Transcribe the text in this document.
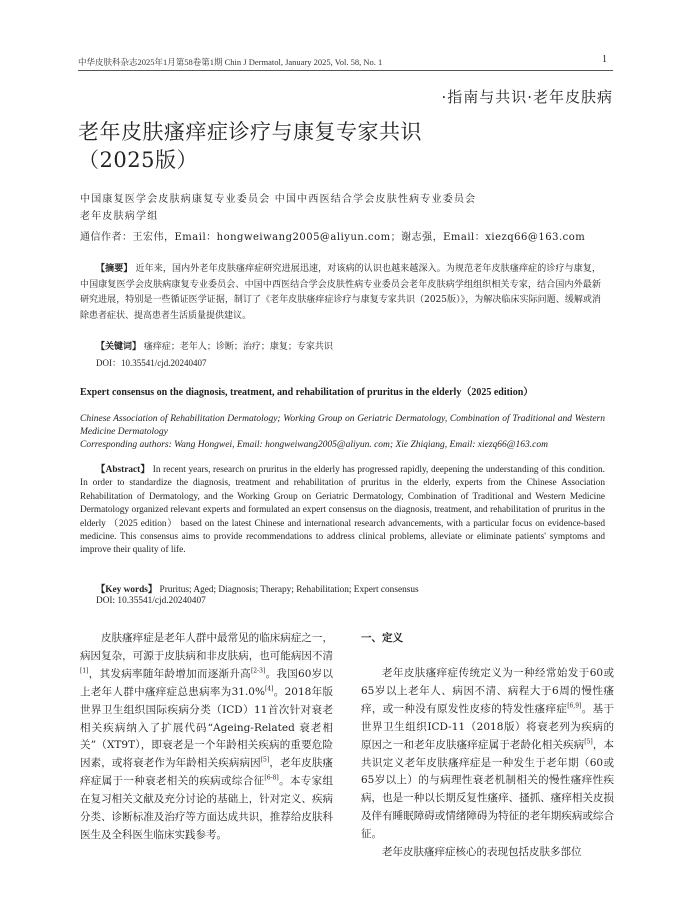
中华皮肤科杂志2025年1月第58卷第1期 Chin J Dermatol, January 2025, Vol. 58, No. 1	1
·指南与共识·老年皮肤病
老年皮肤瘙痒症诊疗与康复专家共识
（2025版）
中国康复医学会皮肤病康复专业委员会 中国中西医结合学会皮肤性病专业委员会
老年皮肤病学组
通信作者：王宏伟，Email：hongweiwang2005@aliyun.com；谢志强，Email：xiezq66@163.com
【摘要】 近年来，国内外老年皮肤瘙痒症研究进展迅速，对该病的认识也越来越深入。为规范老年皮肤瘙痒症的诊疗与康复，中国康复医学会皮肤病康复专业委员会、中国中西医结合学会皮肤性病专业委员会老年皮肤病学组组织相关专家，结合国内外最新研究进展，特别是一些循证医学证据，制订了《老年皮肤瘙痒症诊疗与康复专家共识（2025版）》，为解决临床实际问题、缓解或消除患者症状、提高患者生活质量提供建议。
【关键词】 瘙痒症；老年人；诊断；治疗；康复；专家共识
DOI：10.35541/cjd.20240407
Expert consensus on the diagnosis, treatment, and rehabilitation of pruritus in the elderly（2025 edition）
Chinese Association of Rehabilitation Dermatology; Working Group on Geriatric Dermatology, Combination of Traditional and Western Medicine Dermatology
Corresponding authors: Wang Hongwei, Email: hongweiwang2005@aliyun. com; Xie Zhiqiang, Email: xiezq66@163.com
【Abstract】 In recent years, research on pruritus in the elderly has progressed rapidly, deepening the understanding of this condition. In order to standardize the diagnosis, treatment and rehabilitation of pruritus in the elderly, experts from the Chinese Association Rehabilitation of Dermatology, and the Working Group on Geriatric Dermatology, Combination of Traditional and Western Medicine Dermatology organized relevant experts and formulated an expert consensus on the diagnosis, treatment, and rehabilitation of pruritus in the elderly （2025 edition） based on the latest Chinese and international research advancements, with a particular focus on evidence-based medicine. This consensus aims to provide recommendations to address clinical problems, alleviate or eliminate patients' symptoms and improve their quality of life.
【Key words】 Pruritus; Aged; Diagnosis; Therapy; Rehabilitation; Expert consensus
DOI: 10.35541/cjd.20240407
皮肤瘙痒症是老年人群中最常见的临床病症之一，病因复杂，可源于皮肤病和非皮肤病，也可能病因不清[1]，其发病率随年龄增加而逐渐升高[2-3]。我国60岁以上老年人群中瘙痒症总患病率为31.0%[4]。2018年版世界卫生组织国际疾病分类（ICD）11首次针对衰老相关疾病纳入了扩展代码“Ageing-Related 衰老相关”（XT9T），即衰老是一个年龄相关疾病的重要危险因素，或将衰老作为年龄相关疾病病因[5]，老年皮肤瘙痒症属于一种衰老相关的疾病或综合征[6-8]。本专家组在复习相关文献及充分讨论的基础上，针对定义、疾病分类、诊断标准及治疗等方面达成共识，推荐给皮肤科医生及全科医生临床实践参考。
一、定义

老年皮肤瘙痒症传统定义为一种经常始发于60或65岁以上老年人、病因不清、病程大于6周的慢性瘙痒，或一种没有原发性皮疹的特发性瘙痒症[6,9]。基于世界卫生组织ICD-11（2018版）将衰老列为疾病的原因之一和老年皮肤瘙痒症属于老龄化相关疾病[5]，本共识定义老年皮肤瘙痒症是一种发生于老年期（60或65岁以上）的与病理性衰老机制相关的慢性瘙痒性疾病，也是一种以长期反复性瘙痒、搔抓、瘙痒相关皮损及伴有睡眠障碍或情绪障碍为特征的老年期疾病或综合征。

老年皮肤瘙痒症核心的表现包括皮肤多部位
